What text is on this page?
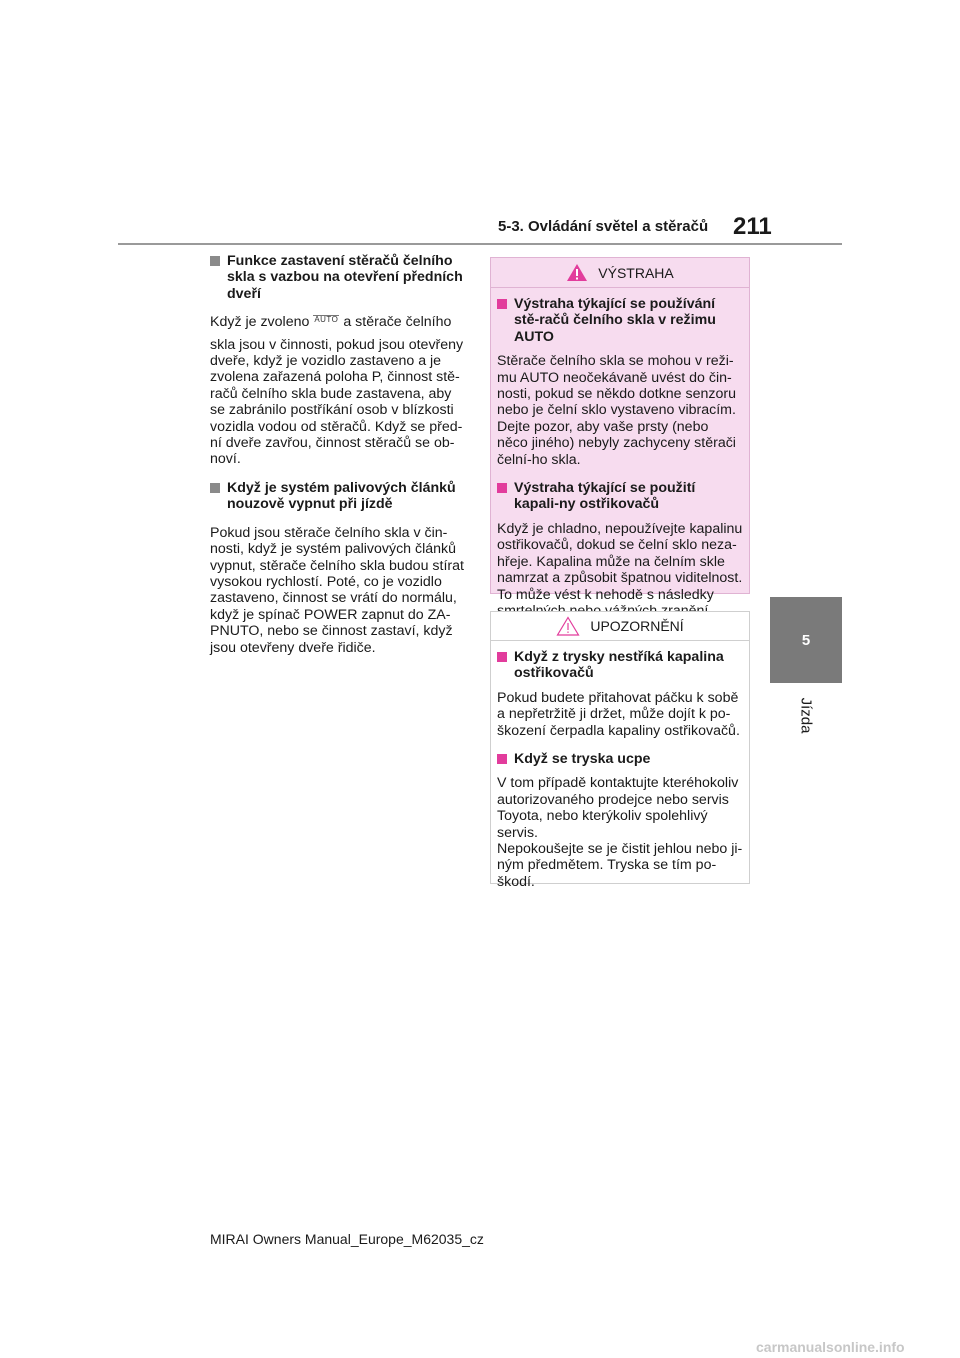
5-3. Ovládání světel a stěračů 211
5
Jízda
Funkce zastavení stěračů čelního skla s vazbou na otevření předních dveří

Když je zvoleno AUTO a stěrače čelního

skla jsou v činnosti, pokud jsou otevřeny dveře, když je vozidlo zastaveno a je zvolena zařazená poloha P, činnost stě-račů čelního skla bude zastavena, aby se zabránilo postříkání osob v blízkosti vozidla vodou od stěračů. Když se před-ní dveře zavřou, činnost stěračů se ob-noví.

Když je systém palivových článků nouzově vypnut při jízdě

Pokud jsou stěrače čelního skla v čin-nosti, když je systém palivových článků vypnut, stěrače čelního skla budou stírat vysokou rychlostí. Poté, co je vozidlo zastaveno, činnost se vrátí do normálu, když je spínač POWER zapnut do ZA-PNUTO, nebo se činnost zastaví, když jsou otevřeny dveře řidiče.

VÝSTRAHA
Výstraha týkající se používání stě-račů čelního skla v režimu AUTO

Stěrače čelního skla se mohou v reži-mu AUTO neočekávaně uvést do čin-nosti, pokud se někdo dotkne senzoru nebo je čelní sklo vystaveno vibracím. Dejte pozor, aby vaše prsty (nebo něco jiného) nebyly zachyceny stěrači čelní-ho skla.

Výstraha týkající se použití kapali-ny ostřikovačů

Když je chladno, nepoužívejte kapalinu ostřikovačů, dokud se čelní sklo neza-hřeje. Kapalina může na čelním skle namrzat a způsobit špatnou viditelnost. To může vést k nehodě s následky

UPOZORNĚNÍ
Když z trysky nestříká kapalina ostřikovačů

Pokud budete přitahovat páčku k sobě a nepřetržitě ji držet, může dojít k po-škození čerpadla kapaliny ostřikovačů.

Když se tryska ucpe

V tom případě kontaktujte kteréhokoliv autorizovaného prodejce nebo servis Toyota, nebo kterýkoliv spolehlivý servis.
Nepokoušejte se je čistit jehlou nebo ji-ným předmětem. Tryska se tím po-škodí.

MIRAI Owners Manual_Europe_M62035_cz
carmanualsonline.info
